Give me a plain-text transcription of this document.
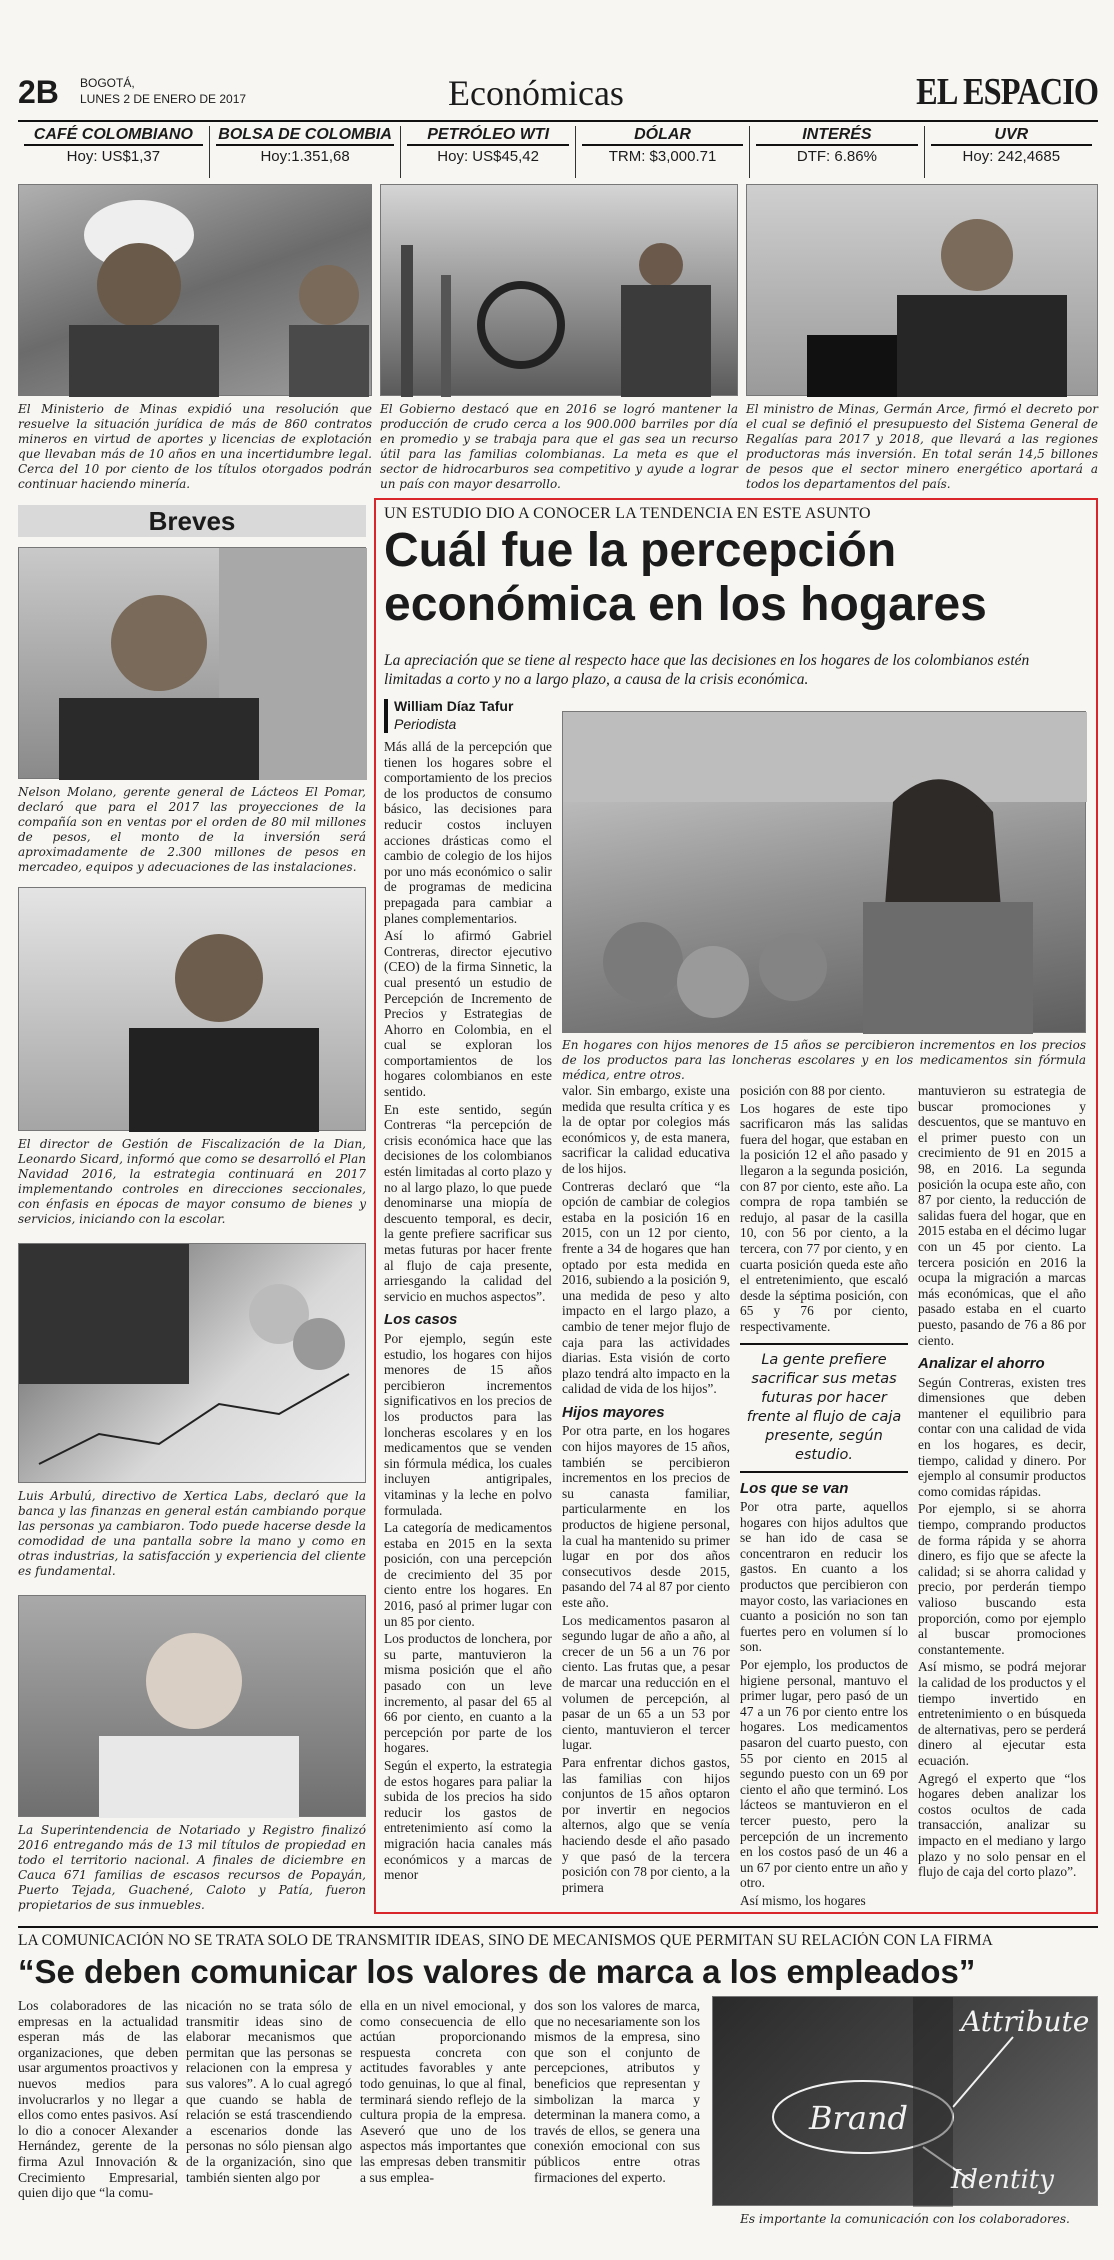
2B BOGOTÁ,
LUNES 2 DE ENERO DE 2017	Económicas	EL ESPACIO
CAFÉ COLOMBIANO
Hoy: US$1,37
BOLSA DE COLOMBIA
Hoy:1.351,68
PETRÓLEO WTI
Hoy: US$45,42
DÓLAR
TRM: $3,000.71
INTERÉS
DTF: 6.86%
UVR
Hoy: 242,4685
El Ministerio de Minas expidió una resolución que resuelve la situación jurídica de más de 860 contratos mineros en virtud de aportes y licencias de explotación que llevaban más de 10 años en una incertidumbre legal. Cerca del 10 por ciento de los títulos otorgados podrán continuar haciendo minería.
El Gobierno destacó que en 2016 se logró mantener la producción de crudo cerca a los 900.000 barriles por día en promedio y se trabaja para que el gas sea un recurso útil para las familias colombianas. La meta es que el sector de hidrocarburos sea competitivo y ayude a lograr un país con mayor desarrollo.
El ministro de Minas, Germán Arce, firmó el decreto por el cual se definió el presupuesto del Sistema General de Regalías para 2017 y 2018, que llevará a las regiones productoras más inversión. En total serán 14,5 billones de pesos que el sector minero energético aportará a todos los departamentos del país.
Breves
Nelson Molano, gerente general de Lácteos El Pomar, declaró que para el 2017 las proyecciones de la compañía son en ventas por el orden de 80 mil millones de pesos, el monto de la inversión será aproximadamente de 2.300 millones de pesos en mercadeo, equipos y adecuaciones de las instalaciones.
El director de Gestión de Fiscalización de la Dian, Leonardo Sicard, informó que como se desarrolló el Plan Navidad 2016, la estrategia continuará en 2017 implementando controles en direcciones seccionales, con énfasis en épocas de mayor consumo de bienes y servicios, iniciando con la escolar.
Luis Arbulú, directivo de Xertica Labs, declaró que la banca y las finanzas en general están cambiando porque las personas ya cambiaron. Todo puede hacerse desde la comodidad de una pantalla sobre la mano y como en otras industrias, la satisfacción y experiencia del cliente es fundamental.
La Superintendencia de Notariado y Registro finalizó 2016 entregando más de 13 mil títulos de propiedad en todo el territorio nacional. A finales de diciembre en Cauca 671 familias de escasos recursos de Popayán, Puerto Tejada, Guachené, Caloto y Patía, fueron propietarios de sus inmuebles.
UN ESTUDIO DIO A CONOCER LA TENDENCIA EN ESTE ASUNTO
Cuál fue la percepción
económica en los hogares
La apreciación que se tiene al respecto hace que las decisiones en los hogares de los colombianos estén limitadas a corto y no a largo plazo, a causa de la crisis económica.
William Díaz Tafur
Periodista

Más allá de la percepción que tienen los hogares sobre el comportamiento de los precios de los productos de consumo básico, las decisiones para reducir costos incluyen acciones drásticas como el cambio de colegio de los hijos por uno más económico o salir de programas de medicina prepagada para cambiar a planes complementarios.

Así lo afirmó Gabriel Contreras, director ejecutivo (CEO) de la firma Sinnetic, la cual presentó un estudio de Percepción de Incremento de Precios y Estrategias de Ahorro en Colombia, en el cual se exploran los comportamientos de los hogares colombianos en este sentido.

En este sentido, según Contreras “la percepción de crisis económica hace que las decisiones de los colombianos estén limitadas al corto plazo y no al largo plazo, lo que puede denominarse una miopía de descuento temporal, es decir, la gente prefiere sacrificar sus metas futuras por hacer frente al flujo de caja presente, arriesgando la calidad del servicio en muchos aspectos”.

Los casos

Por ejemplo, según este estudio, los hogares con hijos menores de 15 años percibieron incrementos significativos en los precios de los productos para las loncheras escolares y en los medicamentos que se venden sin fórmula médica, los cuales incluyen antigripales, vitaminas y la leche en polvo formulada.

La categoría de medicamentos estaba en 2015 en la sexta posición, con una percepción de crecimiento del 35 por ciento entre los hogares. En 2016, pasó al primer lugar con un 85 por ciento.

Los productos de lonchera, por su parte, mantuvieron la misma posición que el año pasado con un leve incremento, al pasar del 65 al 66 por ciento, en cuanto a la percepción por parte de los hogares.

Según el experto, la estrategia de estos hogares para paliar la subida de los precios ha sido reducir los gastos de entretenimiento así como la migración hacia canales más económicos y a marcas de menor

En hogares con hijos menores de 15 años se percibieron incrementos en los precios de los productos para las loncheras escolares y en los medicamentos sin fórmula médica, entre otros.

valor. Sin embargo, existe una medida que resulta crítica y es la de optar por colegios más económicos y, de esta manera, sacrificar la calidad educativa de los hijos.

Contreras declaró que “la opción de cambiar de colegios estaba en la posición 16 en 2015, con un 12 por ciento, frente a 34 de hogares que han optado por esta medida en 2016, subiendo a la posición 9, una medida de peso y alto impacto en el largo plazo, a cambio de tener mejor flujo de caja para las actividades diarias. Esta visión de corto plazo tendrá alto impacto en la calidad de vida de los hijos”.

Hijos mayores

Por otra parte, en los hogares con hijos mayores de 15 años, también se percibieron incrementos en los precios de su canasta familiar, particularmente en los productos de higiene personal, la cual ha mantenido su primer lugar en por dos años consecutivos desde 2015, pasando del 74 al 87 por ciento este año.

Los medicamentos pasaron al segundo lugar de año a año, al crecer de un 56 a un 76 por ciento. Las frutas que, a pesar de marcar una reducción en el volumen de percepción, al pasar de un 65 a un 53 por ciento, mantuvieron el tercer lugar.

Para enfrentar dichos gastos, las familias con hijos conjuntos de 15 años optaron por invertir en negocios alternos, algo que se venía haciendo desde el año pasado y que pasó de la tercera posición con 78 por ciento, a la primera

posición con 88 por ciento.

Los hogares de este tipo sacrificaron más las salidas fuera del hogar, que estaban en la posición 12 el año pasado y llegaron a la segunda posición, con 87 por ciento, este año. La compra de ropa también se redujo, al pasar de la casilla 10, con 56 por ciento, a la tercera, con 77 por ciento, y en cuarta posición queda este año el entretenimiento, que escaló desde la séptima posición, con 65 y 76 por ciento, respectivamente.

La gente prefiere sacrificar sus metas futuras por hacer frente al flujo de caja presente, según estudio.
Los que se van

Por otra parte, aquellos hogares con hijos adultos que se han ido de casa se concentraron en reducir los gastos. En cuanto a los productos que percibieron con mayor costo, las variaciones en cuanto a posición no son tan fuertes pero en volumen sí lo son.

Por ejemplo, los productos de higiene personal, mantuvo el primer lugar, pero pasó de un 47 a un 76 por ciento entre los hogares. Los medicamentos pasaron del cuarto puesto, con 55 por ciento en 2015 al segundo puesto con un 69 por ciento el año que terminó. Los lácteos se mantuvieron en el tercer puesto, pero la percepción de un incremento en los costos pasó de un 46 a un 67 por ciento entre un año y otro.

Así mismo, los hogares

mantuvieron su estrategia de buscar promociones y descuentos, que se mantuvo en el primer puesto con un crecimiento de 91 en 2015 a 98, en 2016. La segunda posición la ocupa este año, con 87 por ciento, la reducción de salidas fuera del hogar, que en 2015 estaba en el décimo lugar con un 45 por ciento. La tercera posición en 2016 la ocupa la migración a marcas más económicas, que el año pasado estaba en el cuarto puesto, pasando de 76 a 86 por ciento.

Analizar el ahorro

Según Contreras, existen tres dimensiones que deben mantener el equilibrio para contar con una calidad de vida en los hogares, es decir, tiempo, calidad y dinero. Por ejemplo al consumir productos como comidas rápidas.

Por ejemplo, si se ahorra tiempo, comprando productos de forma rápida y se ahorra dinero, es fijo que se afecte la calidad; si se ahorra calidad y precio, por perderán tiempo valioso buscando esta proporción, como por ejemplo al buscar promociones constantemente.

Así mismo, se podrá mejorar la calidad de los productos y el tiempo invertido en entretenimiento o en búsqueda de alternativas, pero se perderá dinero al ejecutar esta ecuación.

Agregó el experto que “los hogares deben analizar los costos ocultos de cada transacción, analizar su impacto en el mediano y largo plazo y no solo pensar en el flujo de caja del corto plazo”.

LA COMUNICACIÓN NO SE TRATA SOLO DE TRANSMITIR IDEAS, SINO DE MECANISMOS QUE PERMITAN SU RELACIÓN CON LA FIRMA
“Se deben comunicar los valores de marca a los empleados”
Los colaboradores de las empresas en la actualidad esperan más de las organizaciones, que deben usar argumentos proactivos y nuevos medios para involucrarlos y no llegar a ellos como entes pasivos. Así lo dio a conocer Alexander Hernández, gerente de la firma Azul Innovación & Crecimiento Empresarial, quien dijo que “la comu-
nicación no se trata sólo de transmitir ideas sino de elaborar mecanismos que permitan que las personas se relacionen con la empresa y sus valores”. A lo cual agregó que cuando se habla de relación se está trascendiendo a escenarios donde las personas no sólo piensan algo de la organización, sino que también sienten algo por
ella en un nivel emocional, y como consecuencia de ello actúan proporcionando respuesta concreta con actitudes favorables y ante todo genuinas, lo que al final, terminará siendo reflejo de la cultura propia de la empresa. Aseveró que uno de los aspectos más importantes que las empresas deben transmitir a sus emplea-
dos son los valores de marca, que no necesariamente son los mismos de la empresa, sino que son el conjunto de percepciones, atributos y beneficios que representan y simbolizan la marca y determinan la manera como, a través de ellos, se genera una conexión emocional con sus públicos entre otras firmaciones del experto.
Attribute
Brand
Identity
Es importante la comunicación con los colaboradores.
